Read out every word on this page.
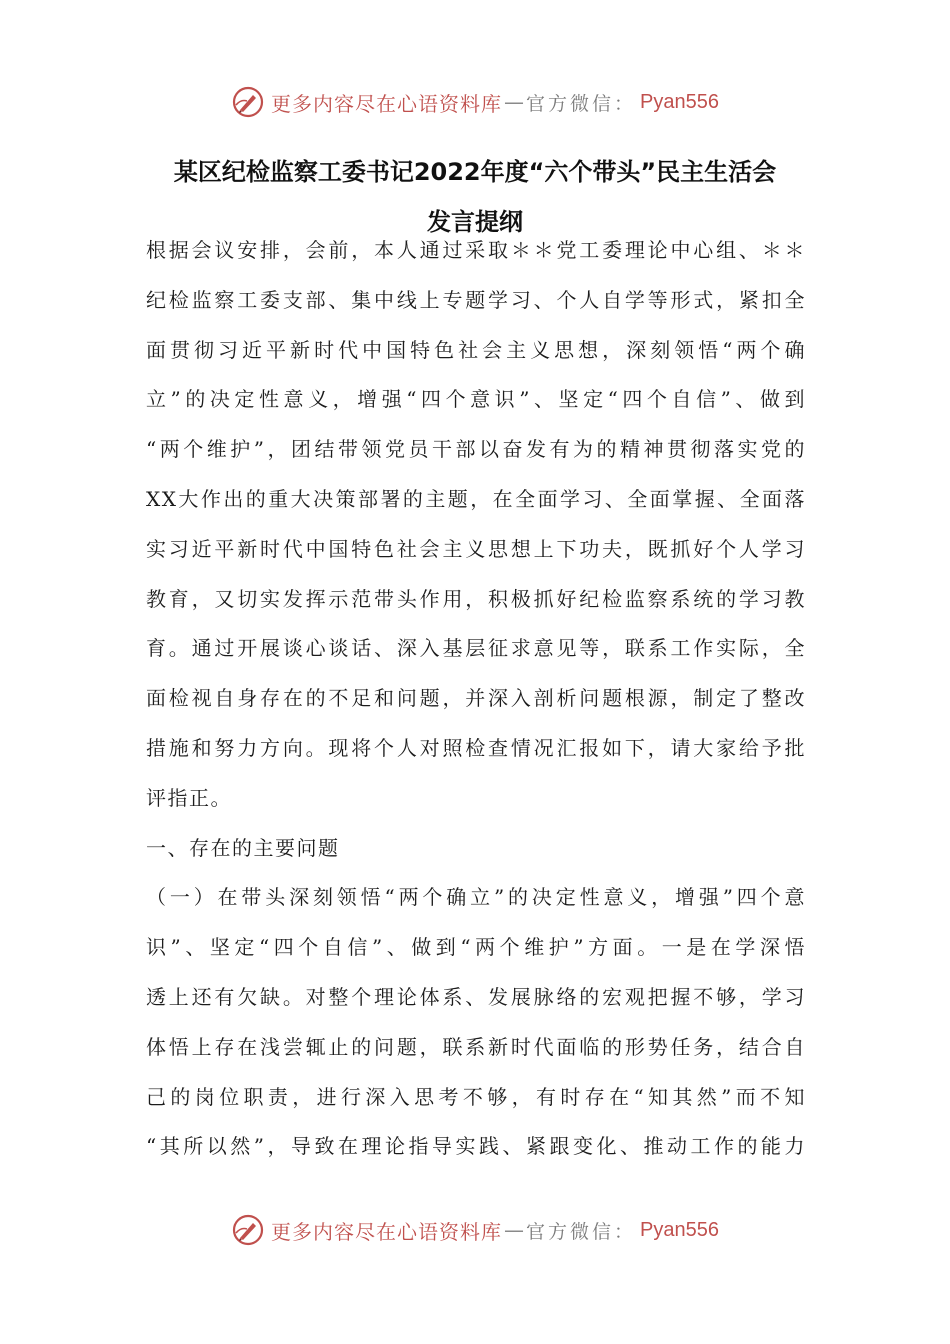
更多内容尽在心语资料库 — 官方微信： Pyan556
某区纪检监察工委书记2022年度“六个带头”民主生活会
发言提纲
根据会议安排，会前，本人通过采取＊＊党工委理论中心组、＊＊
纪检监察工委支部、集中线上专题学习、个人自学等形式，紧扣全
面贯彻习近平新时代中国特色社会主义思想，深刻领悟“两个确
立”的决定性意义，增强“四个意识”、坚定“四个自信”、做到
“两个维护”，团结带领党员干部以奋发有为的精神贯彻落实党的
XX大作出的重大决策部署的主题，在全面学习、全面掌握、全面落
实习近平新时代中国特色社会主义思想上下功夫，既抓好个人学习
教育，又切实发挥示范带头作用，积极抓好纪检监察系统的学习教
育。通过开展谈心谈话、深入基层征求意见等，联系工作实际，全
面检视自身存在的不足和问题，并深入剖析问题根源，制定了整改
措施和努力方向。现将个人对照检查情况汇报如下，请大家给予批
评指正。
一、存在的主要问题
（一）在带头深刻领悟“两个确立”的决定性意义，增强”四个意
识”、坚定“四个自信”、做到“两个维护”方面。一是在学深悟
透上还有欠缺。对整个理论体系、发展脉络的宏观把握不够，学习
体悟上存在浅尝辄止的问题，联系新时代面临的形势任务，结合自
己的岗位职责，进行深入思考不够，有时存在“知其然”而不知
“其所以然”，导致在理论指导实践、紧跟变化、推动工作的能力
更多内容尽在心语资料库 — 官方微信： Pyan556
